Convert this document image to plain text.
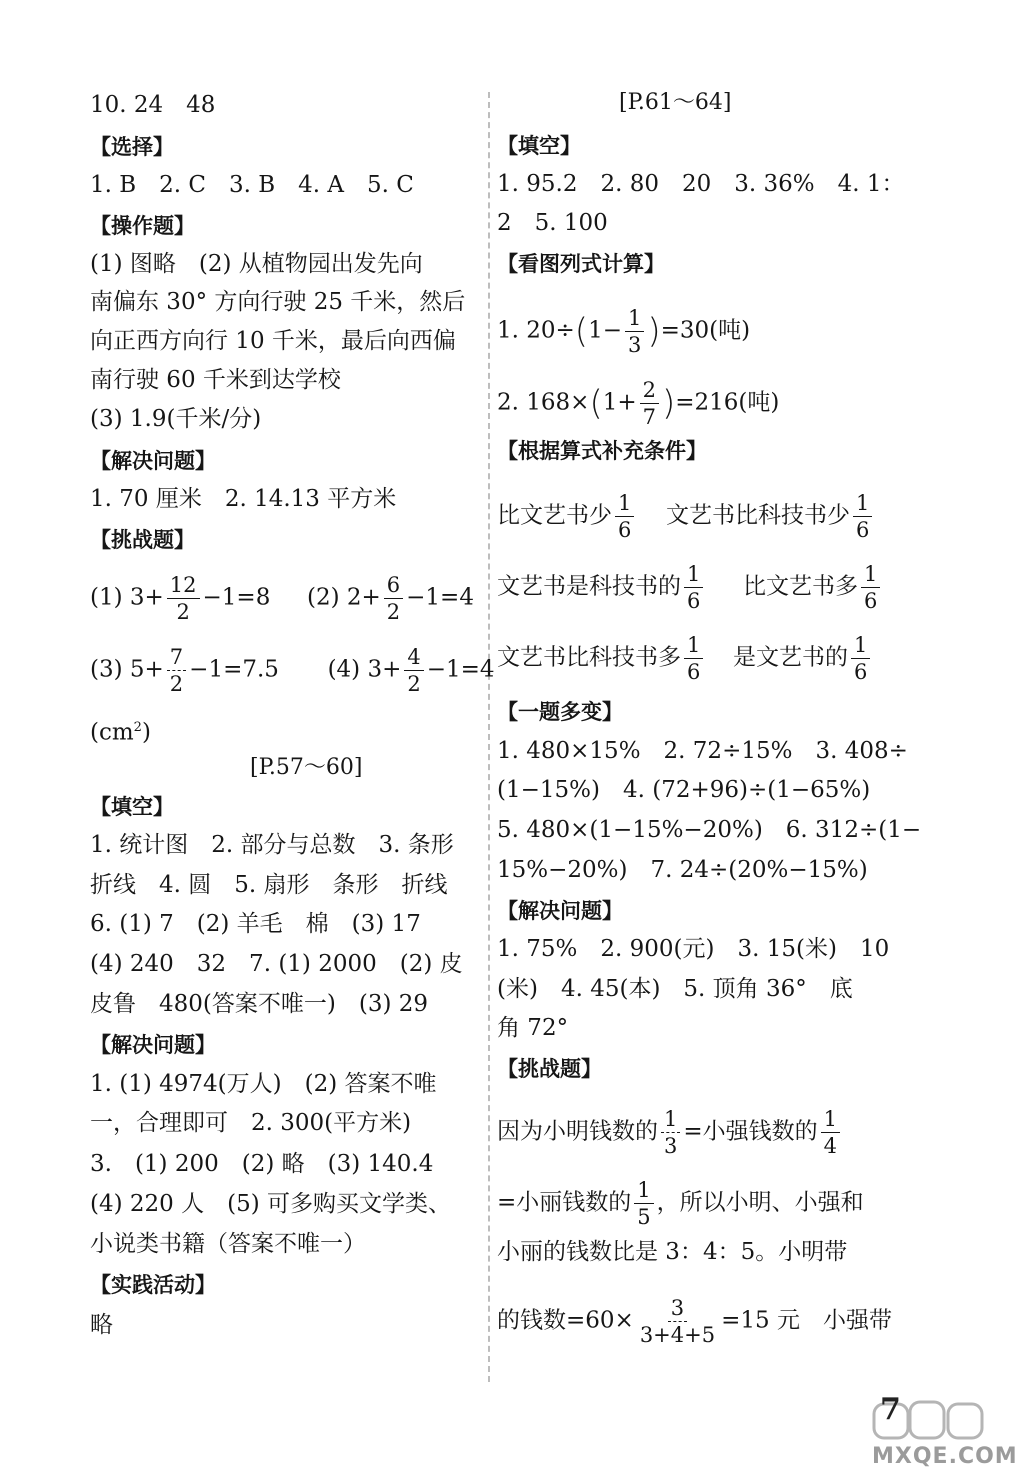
10. 24　48
【选择】
1. B　2. C　3. B　4. A　5. C
【操作题】
(1) 图略　(2) 从植物园出发先向
南偏东 30° 方向行驶 25 千米，然后
向正西方向行 10 千米，最后向西偏
南行驶 60 千米到达学校
(3) 1.9(千米/分)
【解决问题】
1. 70 厘米　2. 14.13 平方米
【挑战题】
(1) $3+ \frac{12}{2} -1=8$ (2) $2+ \frac{6}{2} -1=4$
(3) $5+ \frac{7}{2} -1=7.5$ (4) $3+ \frac{4}{2} -1=4$
$(cm^2)$
[P.57～60]
【填空】
1. 统计图　2. 部分与总数　3. 条形
折线　4. 圆　5. 扇形　条形　折线
6. (1) 7　(2) 羊毛　棉　(3) 17
(4) 240　32　7. (1) 2000　(2) 皮
皮鲁　480(答案不唯一)　(3) 29
【解决问题】
1. (1) 4974(万人)　(2) 答案不唯
一，合理即可　2. 300(平方米)
3.　(1) 200　(2) 略　(3) 140.4
(4) 220 人　(5) 可多购买文学类、
小说类书籍（答案不唯一）
【实践活动】
略
[P.61～64]
【填空】
1. 95.2　2. 80　20　3. 36%　4. 1：
2　5. 100
【看图列式计算】
1. $20\div(1- \frac{1}{3} )=30$(吨)
2. $168\times(1+ \frac{2}{7} )=216$(吨)
【根据算式补充条件】
比文艺书少 $\frac{1}{6}$ 文艺书比科技书少 $\frac{1}{6}$
文艺书是科技书的 $\frac{1}{6}$ 比文艺书多 $\frac{1}{6}$
文艺书比科技书多 $\frac{1}{6}$ 是文艺书的 $\frac{1}{6}$
【一题多变】
1. 480×15%　2. 72÷15%　3. 408÷
(1−15%)　4. (72+96)÷(1−65%)
5. 480×(1−15%−20%)　6. 312÷(1−
15%−20%)　7. 24÷(20%−15%)
【解决问题】
1. 75%　2. 900(元)　3. 15(米)　10
(米)　4. 45(本)　5. 顶角 36°　底
角 72°
【挑战题】
因为小明钱数的 $\frac{1}{3}$ =小强钱数的 $\frac{1}{4}$
=小丽钱数的 $\frac{1}{5}$ ，所以小明、小强和
小丽的钱数比是 3：4：5。小明带
的钱数$=60\times \frac{3}{3+4+5} =15$ 元　小强带
7
MXQE.COM
